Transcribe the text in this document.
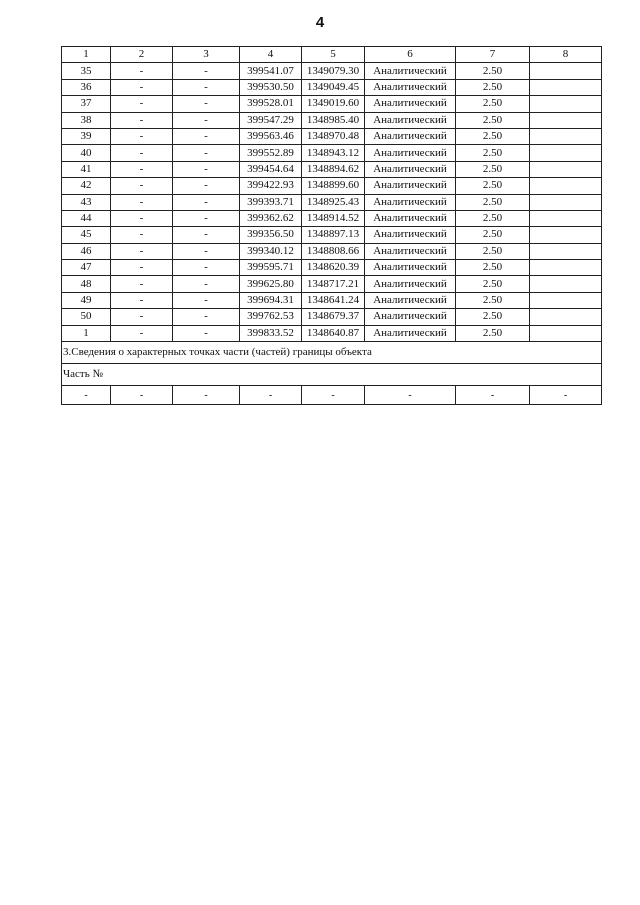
4
1	2	3	4	5	6	7	8
35	-	-	399541.07	1349079.30	Аналитический	2.50	
36	-	-	399530.50	1349049.45	Аналитический	2.50	
37	-	-	399528.01	1349019.60	Аналитический	2.50	
38	-	-	399547.29	1348985.40	Аналитический	2.50	
39	-	-	399563.46	1348970.48	Аналитический	2.50	
40	-	-	399552.89	1348943.12	Аналитический	2.50	
41	-	-	399454.64	1348894.62	Аналитический	2.50	
42	-	-	399422.93	1348899.60	Аналитический	2.50	
43	-	-	399393.71	1348925.43	Аналитический	2.50	
44	-	-	399362.62	1348914.52	Аналитический	2.50	
45	-	-	399356.50	1348897.13	Аналитический	2.50	
46	-	-	399340.12	1348808.66	Аналитический	2.50	
47	-	-	399595.71	1348620.39	Аналитический	2.50	
48	-	-	399625.80	1348717.21	Аналитический	2.50	
49	-	-	399694.31	1348641.24	Аналитический	2.50	
50	-	-	399762.53	1348679.37	Аналитический	2.50	
1	-	-	399833.52	1348640.87	Аналитический	2.50	
3.Сведения о характерных точках части (частей) границы объекта							
Часть №							
-	-	-	-	-	-	-	-
